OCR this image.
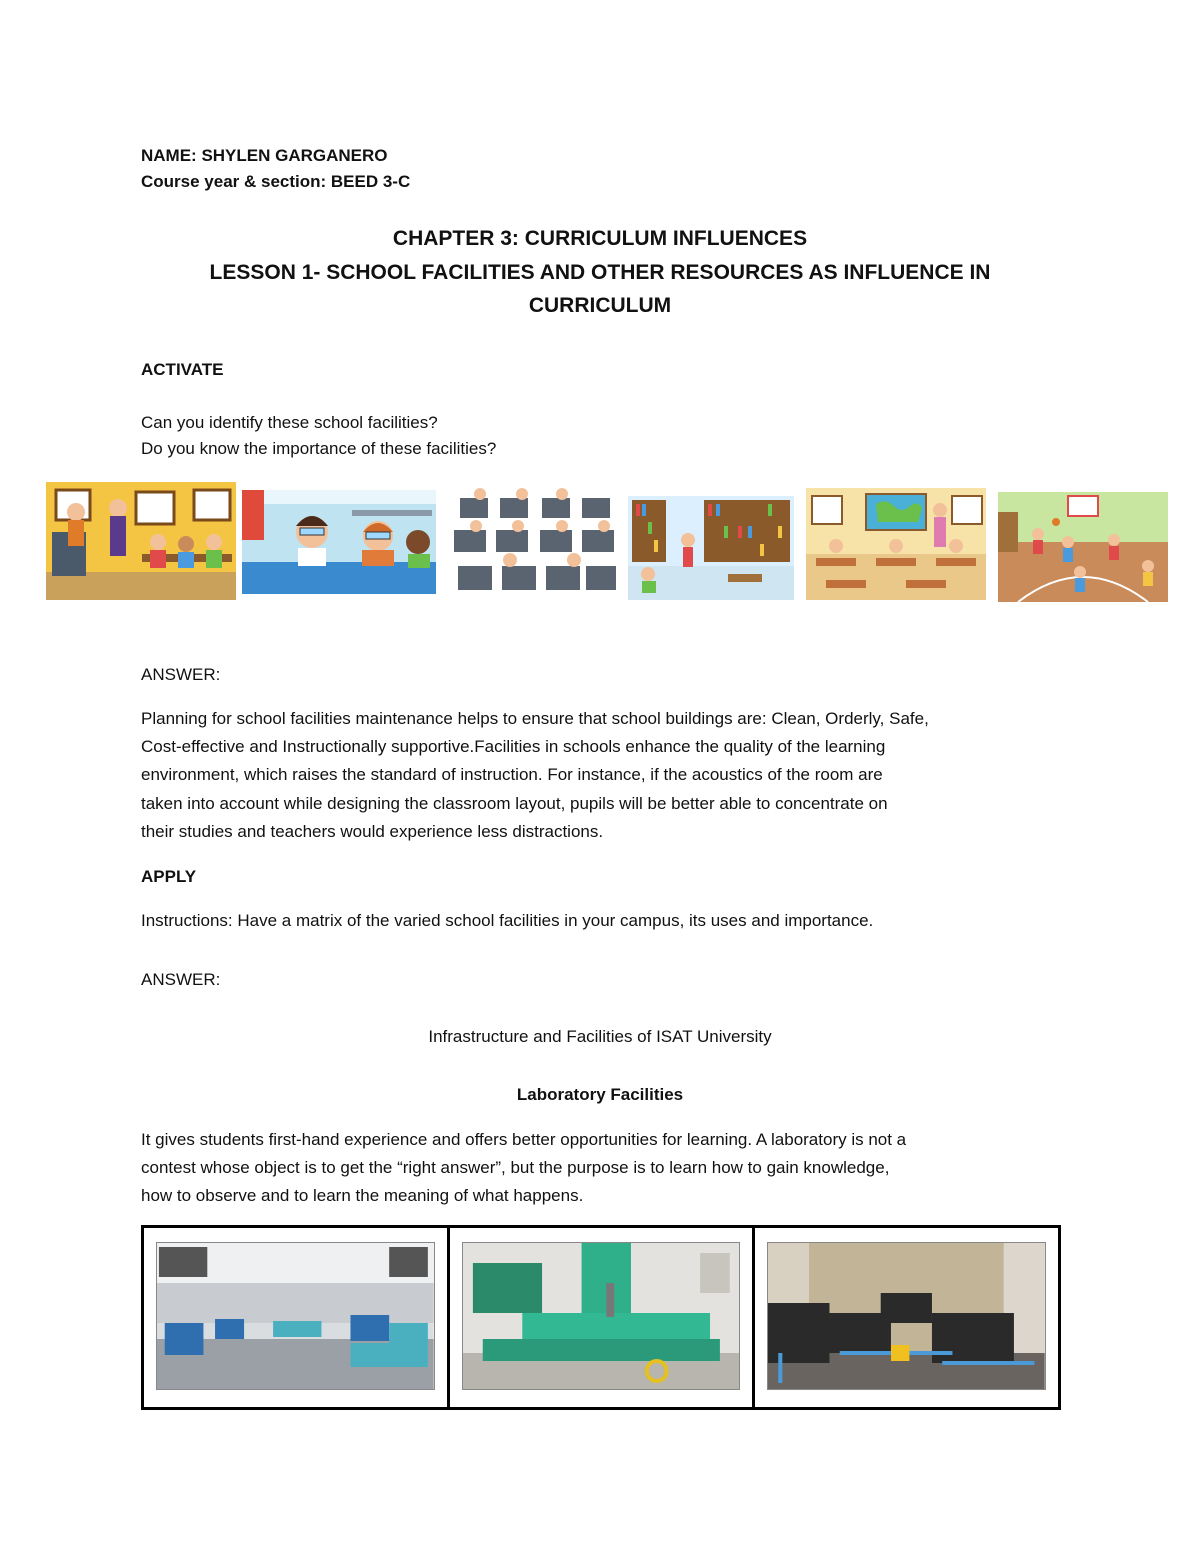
NAME: SHYLEN GARGANERO
Course year & section: BEED 3-C
CHAPTER 3: CURRICULUM INFLUENCES
LESSON 1- SCHOOL FACILITIES AND OTHER RESOURCES AS INFLUENCE IN
CURRICULUM
ACTIVATE
Can you identify these school facilities?
Do you know the importance of these facilities?
ANSWER:
Planning for school facilities maintenance helps to ensure that school buildings are: Clean, Orderly, Safe,
Cost-effective and Instructionally supportive.Facilities in schools enhance the quality of the learning
environment, which raises the standard of instruction. For instance, if the acoustics of the room are
taken into account while designing the classroom layout, pupils will be better able to concentrate on
their studies and teachers would experience less distractions.
APPLY
Instructions: Have a matrix of the varied school facilities in your campus, its uses and importance.
ANSWER:
Infrastructure and Facilities of ISAT University
Laboratory Facilities
It gives students first-hand experience and offers better opportunities for learning. A laboratory is not a
contest whose object is to get the “right answer”, but the purpose is to learn how to gain knowledge,
how to observe and to learn the meaning of what happens.
